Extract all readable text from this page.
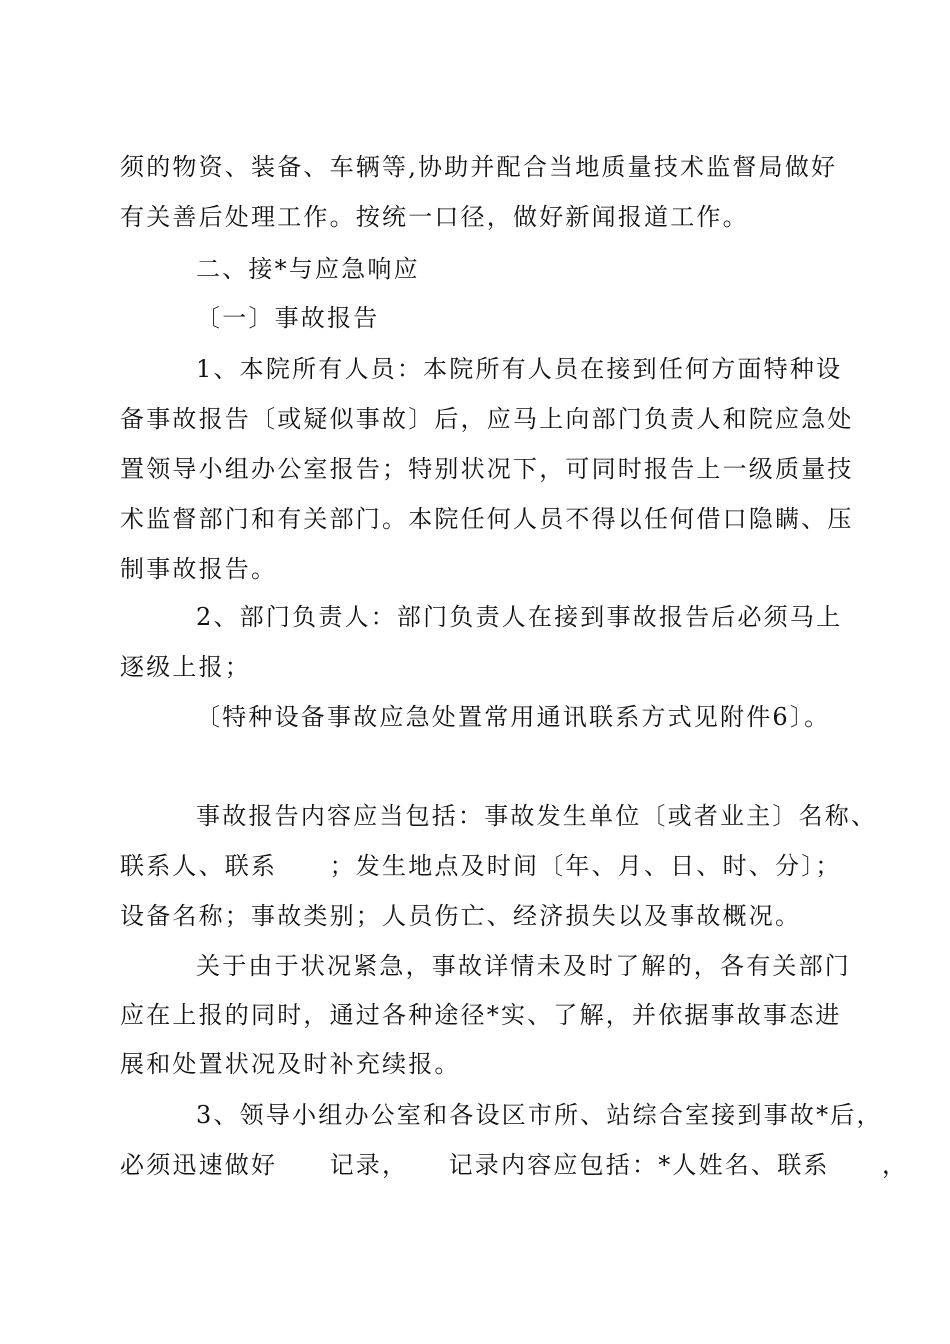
须的物资、装备、车辆等,协助并配合当地质量技术监督局做好
有关善后处理工作。按统一口径，做好新闻报道工作。
二、接*与应急响应
〔一〕事故报告
1、本院所有人员：本院所有人员在接到任何方面特种设
备事故报告〔或疑似事故〕后，应马上向部门负责人和院应急处
置领导小组办公室报告；特别状况下，可同时报告上一级质量技
术监督部门和有关部门。本院任何人员不得以任何借口隐瞒、压
制事故报告。
2、部门负责人：部门负责人在接到事故报告后必须马上
逐级上报；
〔特种设备事故应急处置常用通讯联系方式见附件6〕。
事故报告内容应当包括：事故发生单位〔或者业主〕名称、
联系人、联系　　；发生地点及时间〔年、月、日、时、分〕；
设备名称；事故类别；人员伤亡、经济损失以及事故概况。
关于由于状况紧急，事故详情未及时了解的，各有关部门
应在上报的同时，通过各种途径*实、了解，并依据事故事态进
展和处置状况及时补充续报。
3、领导小组办公室和各设区市所、站综合室接到事故*后，
必须迅速做好　　记录，　　记录内容应包括：*人姓名、联系　　，
